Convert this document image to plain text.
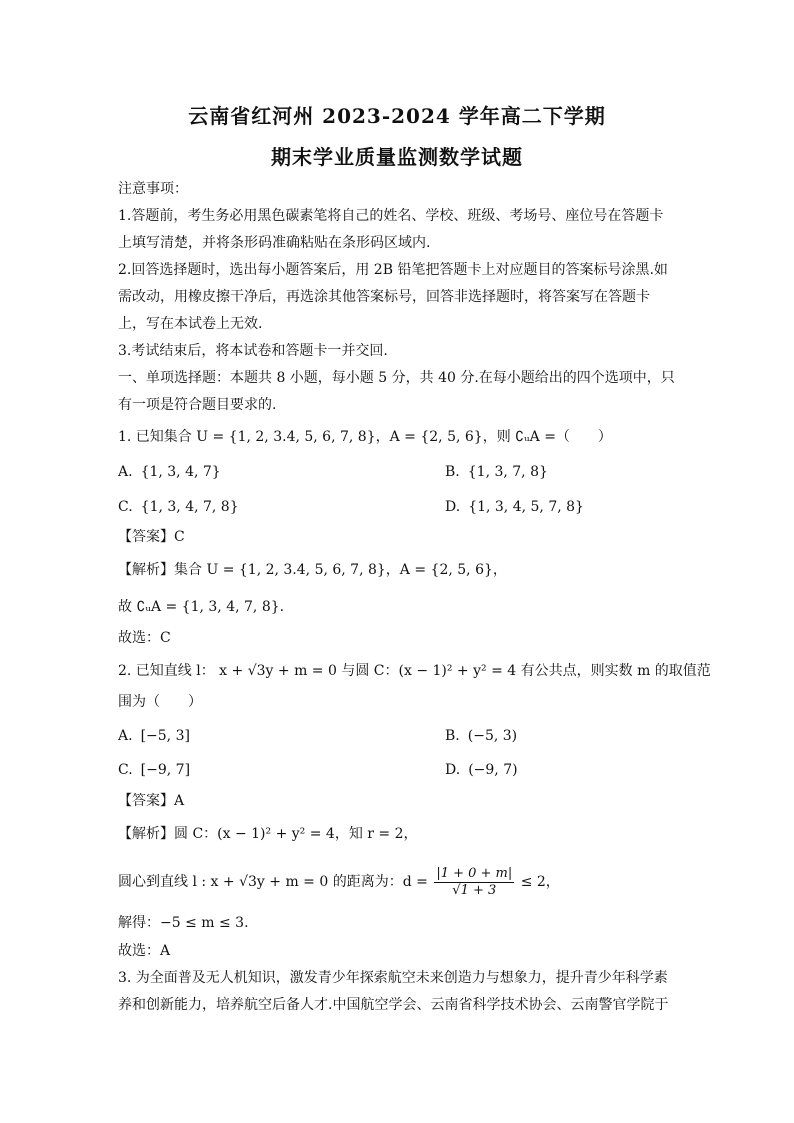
云南省红河州 2023-2024 学年高二下学期
期末学业质量监测数学试题
注意事项：
1.答题前，考生务必用黑色碳素笔将自己的姓名、学校、班级、考场号、座位号在答题卡
上填写清楚，并将条形码准确粘贴在条形码区域内.
2.回答选择题时，选出每小题答案后，用 2B 铅笔把答题卡上对应题目的答案标号涂黑.如
需改动，用橡皮擦干净后，再选涂其他答案标号，回答非选择题时，将答案写在答题卡
上，写在本试卷上无效.
3.考试结束后，将本试卷和答题卡一并交回.
一、单项选择题：本题共 8 小题，每小题 5 分，共 40 分.在每小题给出的四个选项中，只
有一项是符合题目要求的.
1. 已知集合 U = {1, 2, 3.4, 5, 6, 7, 8}，A = {2, 5, 6}，则 ∁ᵤA =（　　）
A. {1, 3, 4, 7}	B. {1, 3, 7, 8}
C. {1, 3, 4, 7, 8}	D. {1, 3, 4, 5, 7, 8}
【答案】C
【解析】集合 U = {1, 2, 3.4, 5, 6, 7, 8}，A = {2, 5, 6}，
故 ∁ᵤA = {1, 3, 4, 7, 8}.
故选：C
2. 已知直线 l： x + √3y + m = 0 与圆 C：(x − 1)² + y² = 4 有公共点，则实数 m 的取值范
围为（　　）
A. [−5, 3]	B. (−5, 3)
C. [−9, 7]	D. (−9, 7)
【答案】A
【解析】圆 C：(x − 1)² + y² = 4，知 r = 2，
圆心到直线 l : x + √3y + m = 0 的距离为：$d = \frac{|1 + 0 + m|}{√1 + 3} \le 2$，
解得：−5 ≤ m ≤ 3.
故选：A
3. 为全面普及无人机知识，激发青少年探索航空未来创造力与想象力，提升青少年科学素
养和创新能力，培养航空后备人才.中国航空学会、云南省科学技术协会、云南警官学院于
